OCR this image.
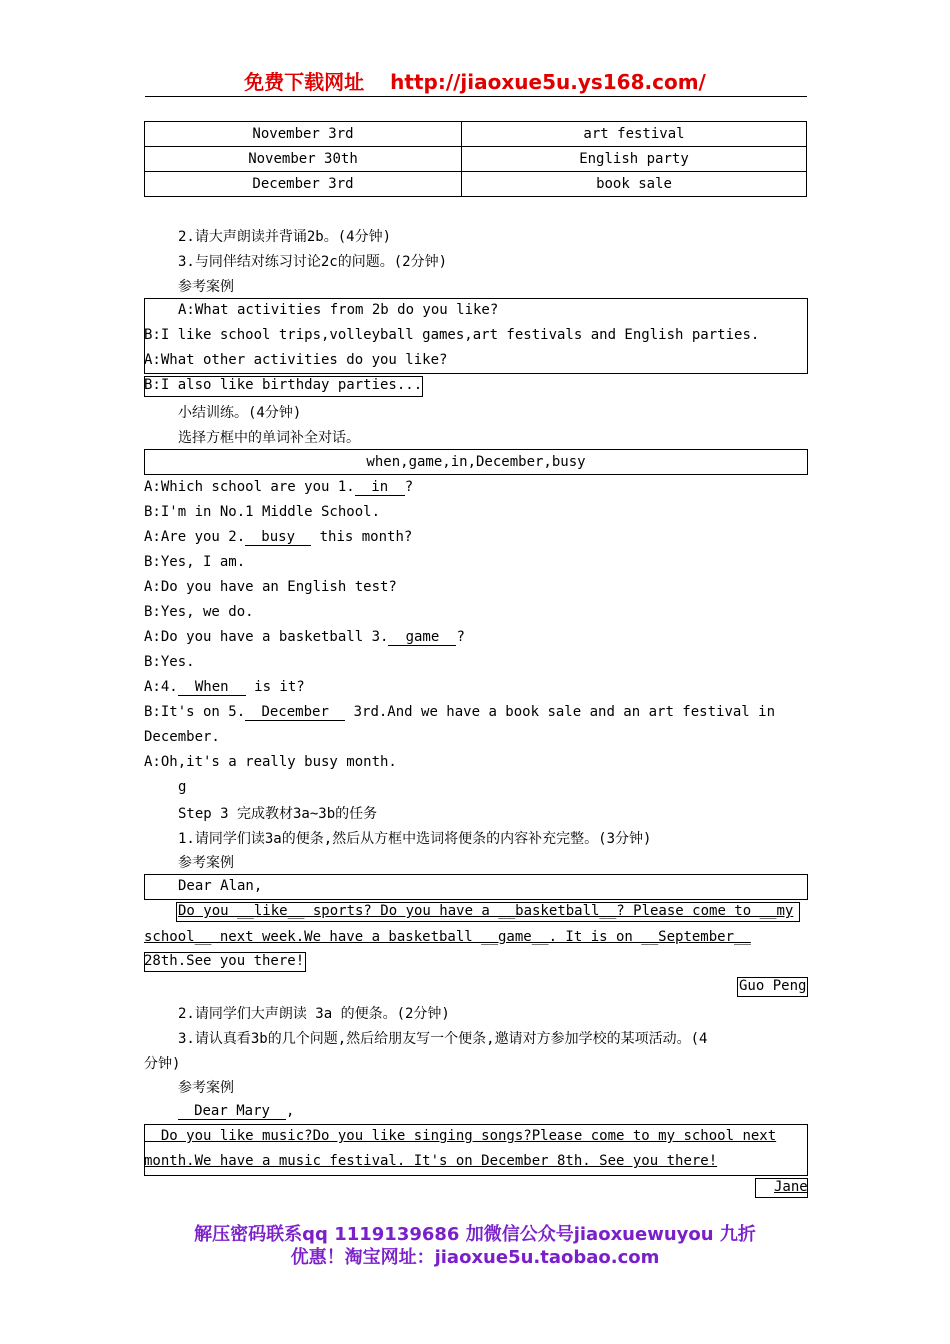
免费下载网址 http://jiaoxue5u.ys168.com/
November 3rd	art festival
November 30th	English party
December 3rd	book sale
2.请大声朗读并背诵2b。(4分钟)
3.与同伴结对练习讨论2c的问题。(2分钟)
参考案例
A:What activities from 2b do you like?
B:I like school trips,volleyball games,art festivals and English parties.
A:What other activities do you like?
B:I also like birthday parties...
小结训练。(4分钟)
选择方框中的单词补全对话。
when,game,in,December,busy
A:Which school are you 1. in ?
B:I'm in No.1 Middle School.
A:Are you 2. busy this month?
B:Yes, I am.
A:Do you have an English test?
B:Yes, we do.
A:Do you have a basketball 3. game ?
B:Yes.
A:4. When is it?
B:It's on 5. December 3rd.And we have a book sale and an art festival in
December.
A:Oh,it's a really busy month.
g
Step 3 完成教材3a~3b的任务
1.请同学们读3a的便条,然后从方框中选词将便条的内容补充完整。(3分钟)
参考案例
Dear Alan,
Do you __like__ sports? Do you have a __basketball__? Please come to __my
school__ next week.We have a basketball __game__. It is on __September__
28th.See you there!
Guo Peng
2.请同学们大声朗读 3a 的便条。(2分钟)
3.请认真看3b的几个问题,然后给朋友写一个便条,邀请对方参加学校的某项活动。(4
分钟)
参考案例
Dear Mary ,
Do you like music?Do you like singing songs?Please come to my school next
month.We have a music festival. It's on December 8th. See you there!
Jane
解压密码联系qq 1119139686 加微信公众号jiaoxuewuyou 九折
优惠！淘宝网址：jiaoxue5u.taobao.com
